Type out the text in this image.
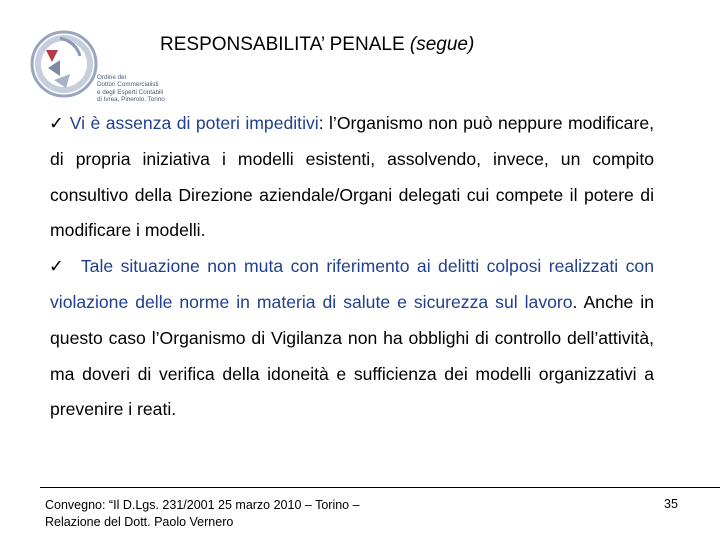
Ordine dei
Dottori Commercialisti
e degli Esperti Contabili
di Ivrea, Pinerolo, Torino
RESPONSABILITA’ PENALE (segue)

✓ Vi è assenza di poteri impeditivi: l’Organismo non può neppure modificare, di propria iniziativa i modelli esistenti, assolvendo, invece, un compito consultivo della Direzione aziendale/Organi delegati cui compete il potere di modificare i modelli.

✓ Tale situazione non muta con riferimento ai delitti colposi realizzati con violazione delle norme in materia di salute e sicurezza sul lavoro. Anche in questo caso l’Organismo di Vigilanza non ha obblighi di controllo dell’attività, ma doveri di verifica della idoneità e sufficienza dei modelli organizzativi a prevenire i reati.

Convegno: “Il D.Lgs. 231/2001 25 marzo 2010 – Torino –
Relazione del Dott. Paolo Vernero
35
